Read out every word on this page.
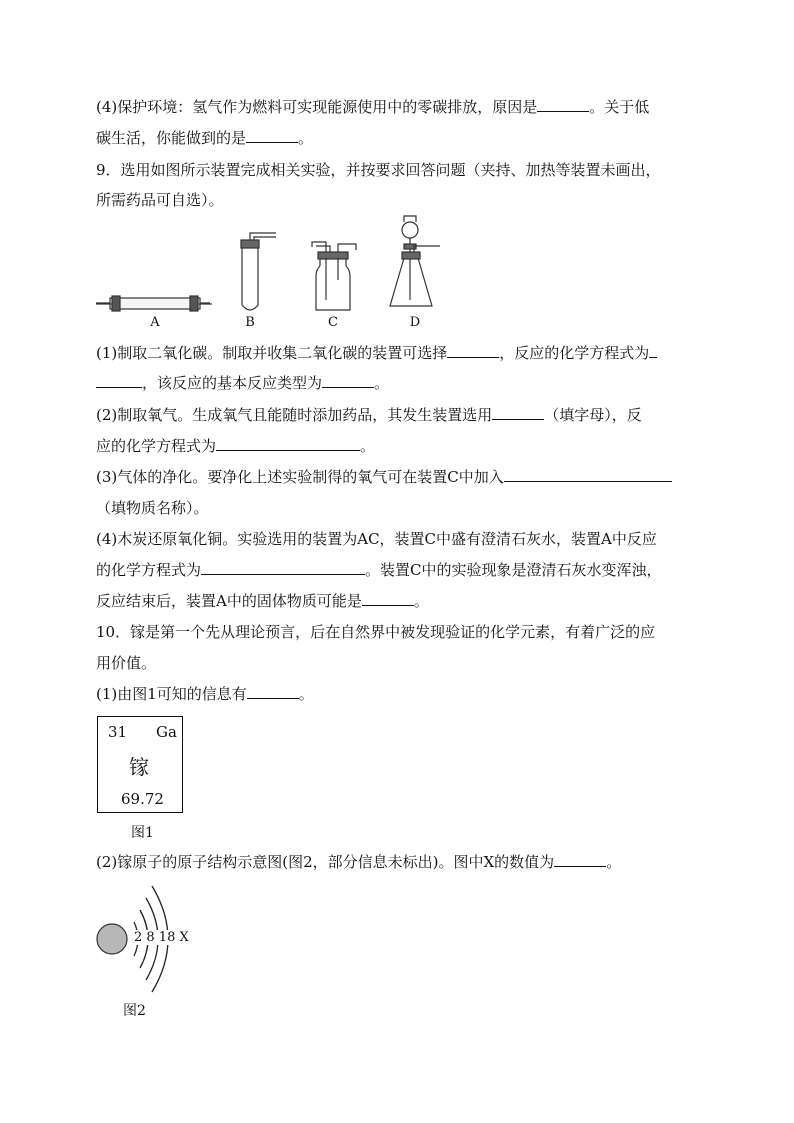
(4)保护环境：氢气作为燃料可实现能源使用中的零碳排放，原因是	。关于低
碳生活，你能做到的是	。
9．选用如图所示装置完成相关实验，并按要求回答问题（夹持、加热等装置未画出，
所需药品可自选）。
A	B	C	D
(1)制取二氧化碳。制取并收集二氧化碳的装置可选择	，反应的化学方程式为
，该反应的基本反应类型为	。
(2)制取氧气。生成氧气且能随时添加药品，其发生装置选用	（填字母），反
应的化学方程式为	。
(3)气体的净化。要净化上述实验制得的氧气可在装置C中加入
（填物质名称）。
(4)木炭还原氧化铜。实验选用的装置为AC，装置C中盛有澄清石灰水，装置A中反应
的化学方程式为	。装置C中的实验现象是澄清石灰水变浑浊，
反应结束后，装置A中的固体物质可能是	。
10．镓是第一个先从理论预言，后在自然界中被发现验证的化学元素，有着广泛的应
用价值。
(1)由图1可知的信息有	。
31 Ga
镓
69.72
图1
(2)镓原子的原子结构示意图(图2，部分信息未标出)。图中X的数值为	。
2 8 18 X
图2
